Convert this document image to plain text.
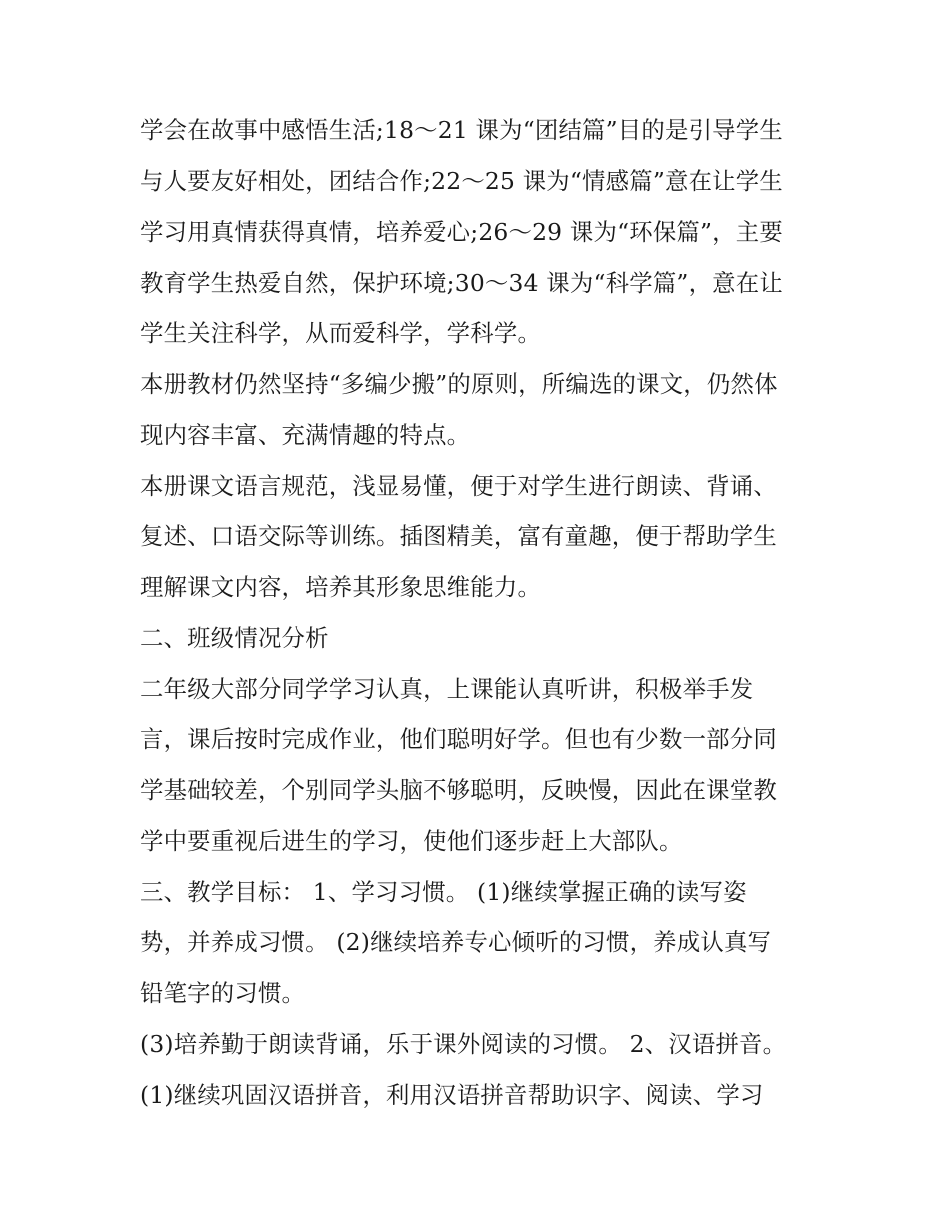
学会在故事中感悟生活;18～21 课为“团结篇”目的是引导学生
与人要友好相处，团结合作;22～25 课为“情感篇”意在让学生
学习用真情获得真情，培养爱心;26～29 课为“环保篇”，主要
教育学生热爱自然，保护环境;30～34 课为“科学篇”，意在让
学生关注科学，从而爱科学，学科学。
本册教材仍然坚持“多编少搬”的原则，所编选的课文，仍然体
现内容丰富、充满情趣的特点。
本册课文语言规范，浅显易懂，便于对学生进行朗读、背诵、
复述、口语交际等训练。插图精美，富有童趣，便于帮助学生
理解课文内容，培养其形象思维能力。
二、班级情况分析
二年级大部分同学学习认真，上课能认真听讲，积极举手发
言，课后按时完成作业，他们聪明好学。但也有少数一部分同
学基础较差，个别同学头脑不够聪明，反映慢，因此在课堂教
学中要重视后进生的学习，使他们逐步赶上大部队。
三、教学目标： 1、学习习惯。 (1)继续掌握正确的读写姿
势，并养成习惯。 (2)继续培养专心倾听的习惯，养成认真写
铅笔字的习惯。
(3)培养勤于朗读背诵，乐于课外阅读的习惯。 2、汉语拼音。
(1)继续巩固汉语拼音，利用汉语拼音帮助识字、阅读、学习
